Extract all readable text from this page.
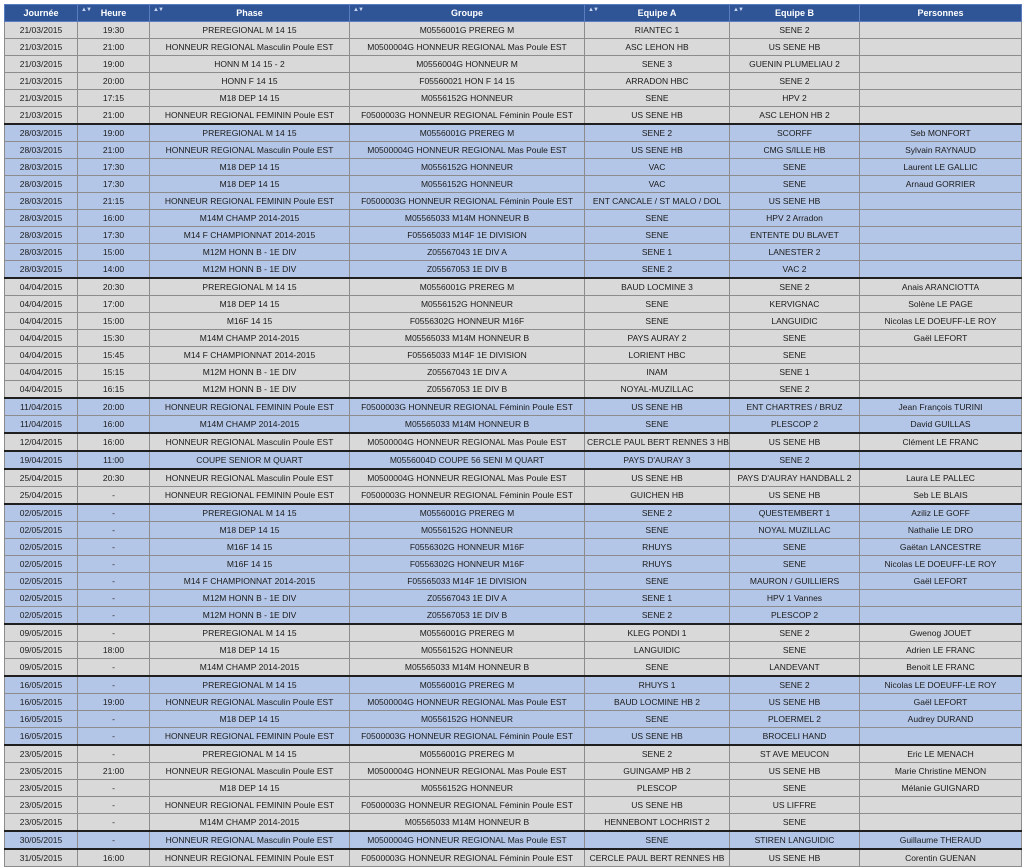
Journée	▲▼ Heure	▲▼ Phase	▲▼ Groupe	▲▼ Equipe A	▲▼ Equipe B	Personnes
21/03/2015	19:30	PREREGIONAL M 14 15	M0556001G PREREG M	RIANTEC 1	SENE 2	
21/03/2015	21:00	HONNEUR REGIONAL Masculin Poule EST	M0500004G HONNEUR REGIONAL Mas Poule EST	ASC LEHON HB	US SENE HB	
21/03/2015	19:00	HONN M 14 15 - 2	M0556004G HONNEUR M	SENE 3	GUENIN PLUMELIAU 2	
21/03/2015	20:00	HONN F 14 15	F05560021 HON F 14 15	ARRADON HBC	SENE 2	
21/03/2015	17:15	M18 DEP 14 15	M0556152G HONNEUR	SENE	HPV 2	
21/03/2015	21:00	HONNEUR REGIONAL FEMININ Poule EST	F0500003G HONNEUR REGIONAL Féminin Poule EST	US SENE HB	ASC LEHON HB 2	
28/03/2015	19:00	PREREGIONAL M 14 15	M0556001G PREREG M	SENE 2	SCORFF	Seb MONFORT
28/03/2015	21:00	HONNEUR REGIONAL Masculin Poule EST	M0500004G HONNEUR REGIONAL Mas Poule EST	US SENE HB	CMG S/ILLE HB	Sylvain RAYNAUD
28/03/2015	17:30	M18 DEP 14 15	M0556152G HONNEUR	VAC	SENE	Laurent LE GALLIC
28/03/2015	17:30	M18 DEP 14 15	M0556152G HONNEUR	VAC	SENE	Arnaud GORRIER
28/03/2015	21:15	HONNEUR REGIONAL FEMININ Poule EST	F0500003G HONNEUR REGIONAL Féminin Poule EST	ENT CANCALE / ST MALO / DOL	US SENE HB	
28/03/2015	16:00	M14M CHAMP 2014-2015	M05565033 M14M HONNEUR B	SENE	HPV 2 Arradon	
28/03/2015	17:30	M14 F CHAMPIONNAT 2014-2015	F05565033 M14F 1E DIVISION	SENE	ENTENTE DU BLAVET	
28/03/2015	15:00	M12M HONN B - 1E DIV	Z05567043 1E DIV A	SENE 1	LANESTER 2	
28/03/2015	14:00	M12M HONN B - 1E DIV	Z05567053 1E DIV B	SENE 2	VAC 2	
04/04/2015	20:30	PREREGIONAL M 14 15	M0556001G PREREG M	BAUD LOCMINE 3	SENE 2	Anais ARANCIOTTA
04/04/2015	17:00	M18 DEP 14 15	M0556152G HONNEUR	SENE	KERVIGNAC	Solène LE PAGE
04/04/2015	15:00	M16F 14 15	F0556302G HONNEUR M16F	SENE	LANGUIDIC	Nicolas LE DOEUFF-LE ROY
04/04/2015	15:30	M14M CHAMP 2014-2015	M05565033 M14M HONNEUR B	PAYS AURAY 2	SENE	Gaël LEFORT
04/04/2015	15:45	M14 F CHAMPIONNAT 2014-2015	F05565033 M14F 1E DIVISION	LORIENT HBC	SENE	
04/04/2015	15:15	M12M HONN B - 1E DIV	Z05567043 1E DIV A	INAM	SENE 1	
04/04/2015	16:15	M12M HONN B - 1E DIV	Z05567053 1E DIV B	NOYAL-MUZILLAC	SENE 2	
11/04/2015	20:00	HONNEUR REGIONAL FEMININ Poule EST	F0500003G HONNEUR REGIONAL Féminin Poule EST	US SENE HB	ENT CHARTRES / BRUZ	Jean François TURINI
11/04/2015	16:00	M14M CHAMP 2014-2015	M05565033 M14M HONNEUR B	SENE	PLESCOP 2	David GUILLAS
12/04/2015	16:00	HONNEUR REGIONAL Masculin Poule EST	M0500004G HONNEUR REGIONAL Mas Poule EST	CERCLE PAUL BERT RENNES 3 HB	US SENE HB	Clément LE FRANC
19/04/2015	11:00	COUPE SENIOR M QUART	M0556004D COUPE 56 SENI M QUART	PAYS D'AURAY 3	SENE 2	
25/04/2015	20:30	HONNEUR REGIONAL Masculin Poule EST	M0500004G HONNEUR REGIONAL Mas Poule EST	US SENE HB	PAYS D'AURAY HANDBALL 2	Laura LE PALLEC
25/04/2015	-	HONNEUR REGIONAL FEMININ Poule EST	F0500003G HONNEUR REGIONAL Féminin Poule EST	GUICHEN HB	US SENE HB	Seb LE BLAIS
02/05/2015	-	PREREGIONAL M 14 15	M0556001G PREREG M	SENE 2	QUESTEMBERT 1	Aziliz LE GOFF
02/05/2015	-	M18 DEP 14 15	M0556152G HONNEUR	SENE	NOYAL MUZILLAC	Nathalie LE DRO
02/05/2015	-	M16F 14 15	F0556302G HONNEUR M16F	RHUYS	SENE	Gaëtan LANCESTRE
02/05/2015	-	M16F 14 15	F0556302G HONNEUR M16F	RHUYS	SENE	Nicolas LE DOEUFF-LE ROY
02/05/2015	-	M14 F CHAMPIONNAT 2014-2015	F05565033 M14F 1E DIVISION	SENE	MAURON / GUILLIERS	Gaël LEFORT
02/05/2015	-	M12M HONN B - 1E DIV	Z05567043 1E DIV A	SENE 1	HPV 1 Vannes	
02/05/2015	-	M12M HONN B - 1E DIV	Z05567053 1E DIV B	SENE 2	PLESCOP 2	
09/05/2015	-	PREREGIONAL M 14 15	M0556001G PREREG M	KLEG PONDI 1	SENE 2	Gwenog JOUET
09/05/2015	18:00	M18 DEP 14 15	M0556152G HONNEUR	LANGUIDIC	SENE	Adrien LE FRANC
09/05/2015	-	M14M CHAMP 2014-2015	M05565033 M14M HONNEUR B	SENE	LANDEVANT	Benoit LE FRANC
16/05/2015	-	PREREGIONAL M 14 15	M0556001G PREREG M	RHUYS 1	SENE 2	Nicolas LE DOEUFF-LE ROY
16/05/2015	19:00	HONNEUR REGIONAL Masculin Poule EST	M0500004G HONNEUR REGIONAL Mas Poule EST	BAUD LOCMINE HB 2	US SENE HB	Gaël LEFORT
16/05/2015	-	M18 DEP 14 15	M0556152G HONNEUR	SENE	PLOERMEL 2	Audrey DURAND
16/05/2015	-	HONNEUR REGIONAL FEMININ Poule EST	F0500003G HONNEUR REGIONAL Féminin Poule EST	US SENE HB	BROCELI HAND	
23/05/2015	-	PREREGIONAL M 14 15	M0556001G PREREG M	SENE 2	ST AVE MEUCON	Eric LE MENACH
23/05/2015	21:00	HONNEUR REGIONAL Masculin Poule EST	M0500004G HONNEUR REGIONAL Mas Poule EST	GUINGAMP HB 2	US SENE HB	Marie Christine MENON
23/05/2015	-	M18 DEP 14 15	M0556152G HONNEUR	PLESCOP	SENE	Mélanie GUIGNARD
23/05/2015	-	HONNEUR REGIONAL FEMININ Poule EST	F0500003G HONNEUR REGIONAL Féminin Poule EST	US SENE HB	US LIFFRE	
23/05/2015	-	M14M CHAMP 2014-2015	M05565033 M14M HONNEUR B	HENNEBONT LOCHRIST 2	SENE	
30/05/2015	-	HONNEUR REGIONAL Masculin Poule EST	M0500004G HONNEUR REGIONAL Mas Poule EST	SENE	STIREN LANGUIDIC	Guillaume THERAUD
31/05/2015	16:00	HONNEUR REGIONAL FEMININ Poule EST	F0500003G HONNEUR REGIONAL Féminin Poule EST	CERCLE PAUL BERT RENNES HB	US SENE HB	Corentin GUENAN
